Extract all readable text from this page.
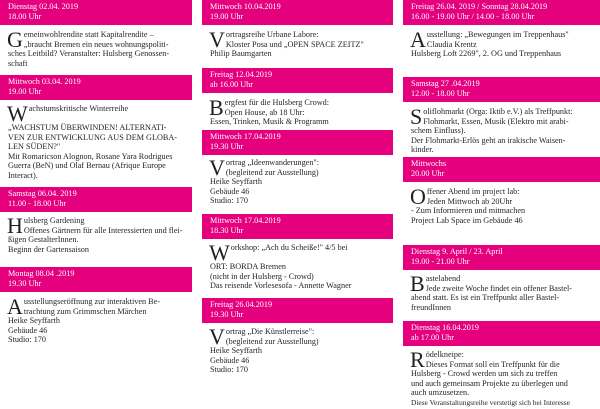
Dienstag 02.04. 2019
18.00 Uhr
G emeinwohlrendite statt Kapitalrendite –
„braucht Bremen ein neues wohnungspoliti-
sches Leitbild? Veranstalter: Hulsberg Genossen-
schaft
Mittwoch 03.04. 2019
19.00 Uhr
W achstumskritische Winterreihe

„WACHSTUM ÜBERWINDEN! ALTERNATI-
VEN ZUR ENTWICKLUNG AUS DEM GLOBA-
LEN SÜDEN?"
Mit Romaricson Alognon, Rosane Yara Rodrigues
Guerra (BeN) und Olaf Bernau (Afrique Europe
Interact).
Samstag 06.04. 2019
11.00 - 18.00 Uhr
H ulsberg Gardening
Offenes Gärtnern für alle Interessierten und flei-
ßigen GestalterInnen.
Beginn der Gartensaison
Montag 08.04 .2019
19.30 Uhr
A usstellungseröffnung zur interaktiven Be-
trachtung zum Grimmschen Märchen
Heike Seyffarth
Gebäude 46
Studio: 170
Mittwoch 10.04.2019
19.00 Uhr
V ortragsreihe Urbane Labore:
Kloster Posa und „OPEN SPACE ZEITZ"
Philip Baumgarten
Freitag 12.04.2019
ab 16.00 Uhr
B ergfest für die Hulsberg Crowd:
Open House, ab 18 Uhr:
Essen, Trinken, Musik & Programm
Mittwoch 17.04.2019
19.30 Uhr
V ortrag „Ideenwanderungen":
(begleitend zur Ausstellung)
Heike Seyffarth
Gebäude 46
Studio: 170
Mittwoch 17.04.2019
18.30 Uhr
W orkshop: „Ach du Scheiße!" 4/5 bei

ORT: BORDA Bremen
(nicht in der Hulsberg - Crowd)
Das reisende Vorlesesofa - Annette Wagner
Freitag 26.04.2019
19.30 Uhr
V ortrag „Die Künstlerreise":
(begleitend zur Ausstellung)
Heike Seyffarth
Gebäude 46
Studio: 170
Freitag 26.04. 2019 / Sonntag 28.04.2019
16.00 - 19.00 Uhr / 14.00 - 18.00 Uhr
A usstellung: „Bewegungen im Treppenhaus"
Claudia Krentz
Hulsberg Loft 2269", 2. OG und Treppenhaus
Samstag 27 .04.2019
12.00 - 18.00 Uhr
S oliflohmarkt (Orga: Iktib e.V.) als Treffpunkt:
Flohmarkt, Essen, Musik (Elektro mit arabi-
schem Einfluss).
Der Flohmarkt-Erlös geht an irakische Waisen-
kinder.
Mittwochs
20.00 Uhr
O ffener Abend im project lab:
Jeden Mittwoch ab 20Uhr
- Zum Informieren und mitmachen
Project Lab Space im Gebäude 46
Dienstag 9. April / 23. April
19.00 - 21.00 Uhr
B astelabend
Jede zweite Woche findet ein offener Bastel-
abend statt. Es ist ein Treffpunkt aller Bastel-
freundInnen
Dienstag 16.04.2019
ab 17.00 Uhr
R ödelkneipe:
Dieses Format soll ein Treffpunkt für die
Hulsberg - Crowd werden um sich zu treffen
und auch gemeinsam Projekte zu überlegen und
auch umzusetzen.
Diese Veranstaltungsreihe verstetigt sich bei Interesse
